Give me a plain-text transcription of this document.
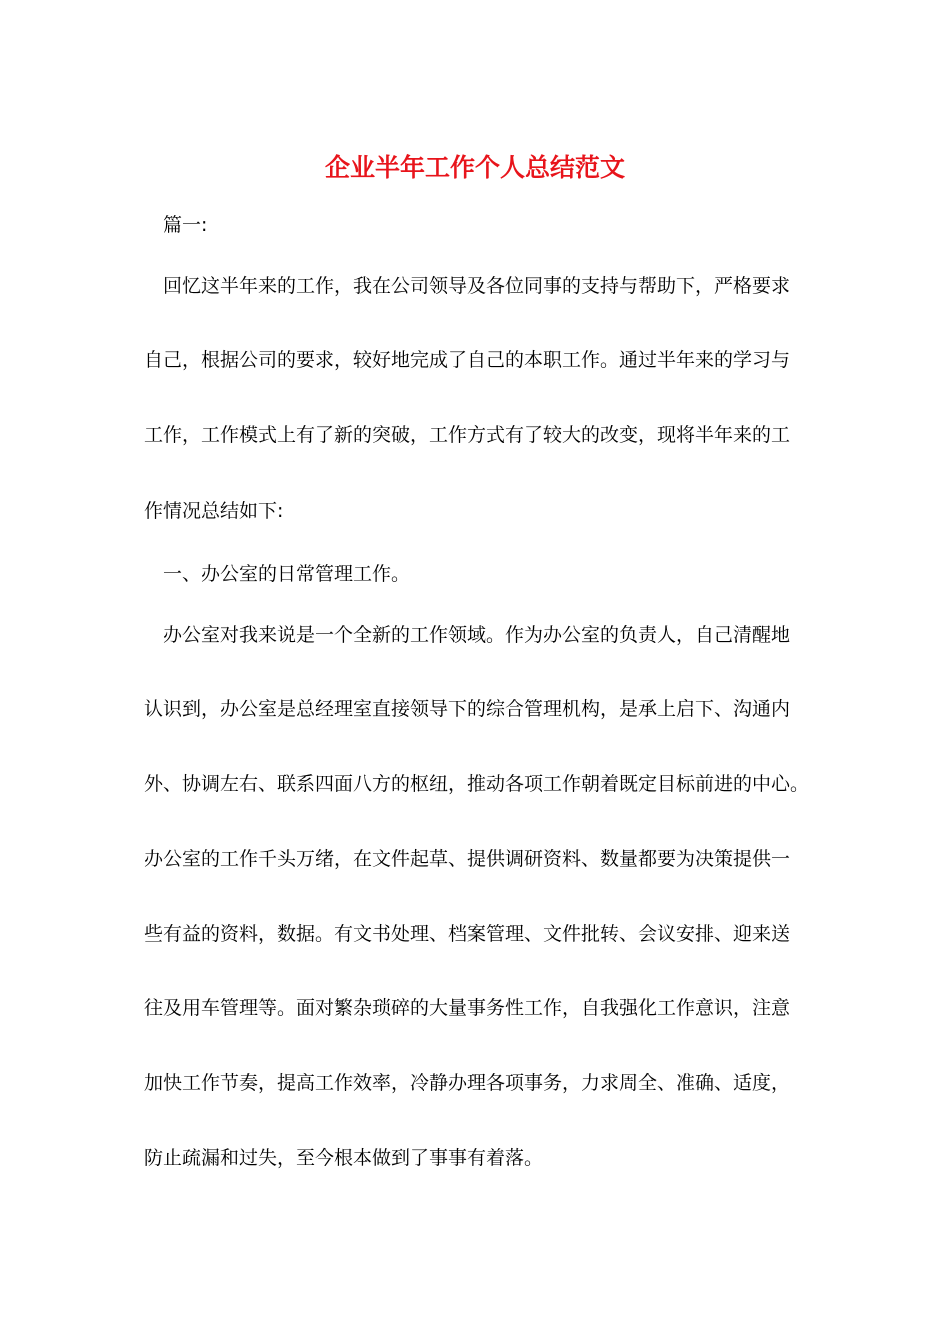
企业半年工作个人总结范文

　篇一:

　回忆这半年来的工作，我在公司领导及各位同事的支持与帮助下，严格要求

自己，根据公司的要求，较好地完成了自己的本职工作。通过半年来的学习与

工作，工作模式上有了新的突破，工作方式有了较大的改变，现将半年来的工

作情况总结如下:

　一、办公室的日常管理工作。

　办公室对我来说是一个全新的工作领域。作为办公室的负责人，自己清醒地

认识到，办公室是总经理室直接领导下的综合管理机构，是承上启下、沟通内

外、协调左右、联系四面八方的枢纽，推动各项工作朝着既定目标前进的中心。

办公室的工作千头万绪，在文件起草、提供调研资料、数量都要为决策提供一

些有益的资料，数据。有文书处理、档案管理、文件批转、会议安排、迎来送

往及用车管理等。面对繁杂琐碎的大量事务性工作，自我强化工作意识，注意

加快工作节奏，提高工作效率，冷静办理各项事务，力求周全、准确、适度，

防止疏漏和过失，至今根本做到了事事有着落。
